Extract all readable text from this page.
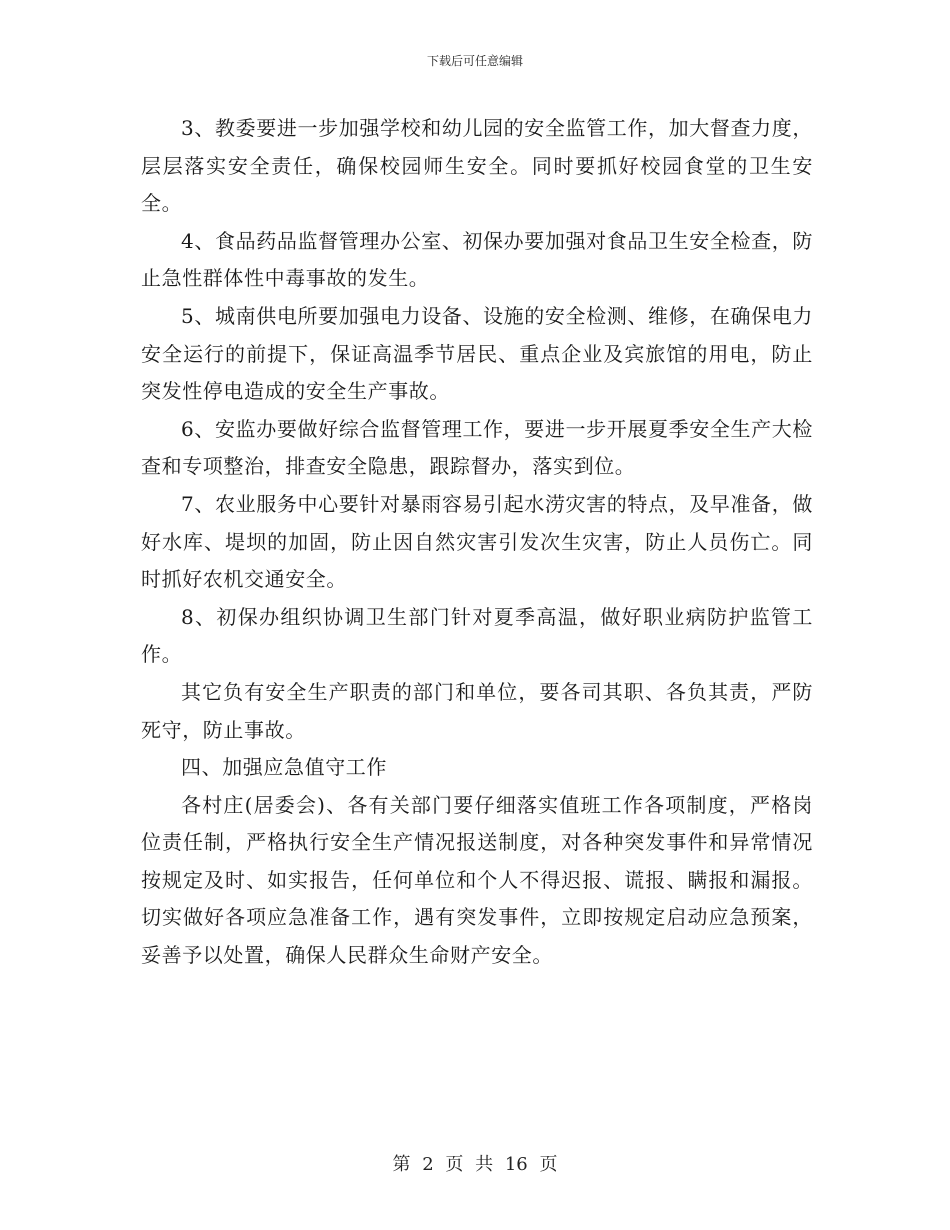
下载后可任意编辑

3、教委要进一步加强学校和幼儿园的安全监管工作，加大督查力度，层层落实安全责任，确保校园师生安全。同时要抓好校园食堂的卫生安全。

4、食品药品监督管理办公室、初保办要加强对食品卫生安全检查，防止急性群体性中毒事故的发生。

5、城南供电所要加强电力设备、设施的安全检测、维修，在确保电力安全运行的前提下，保证高温季节居民、重点企业及宾旅馆的用电，防止突发性停电造成的安全生产事故。

6、安监办要做好综合监督管理工作，要进一步开展夏季安全生产大检查和专项整治，排查安全隐患，跟踪督办，落实到位。

7、农业服务中心要针对暴雨容易引起水涝灾害的特点，及早准备，做好水库、堤坝的加固，防止因自然灾害引发次生灾害，防止人员伤亡。同时抓好农机交通安全。

8、初保办组织协调卫生部门针对夏季高温，做好职业病防护监管工作。

其它负有安全生产职责的部门和单位，要各司其职、各负其责，严防死守，防止事故。

四、加强应急值守工作

各村庄(居委会)、各有关部门要仔细落实值班工作各项制度，严格岗位责任制，严格执行安全生产情况报送制度，对各种突发事件和异常情况按规定及时、如实报告，任何单位和个人不得迟报、谎报、瞒报和漏报。切实做好各项应急准备工作，遇有突发事件，立即按规定启动应急预案，妥善予以处置，确保人民群众生命财产安全。

第 2 页 共 16 页
